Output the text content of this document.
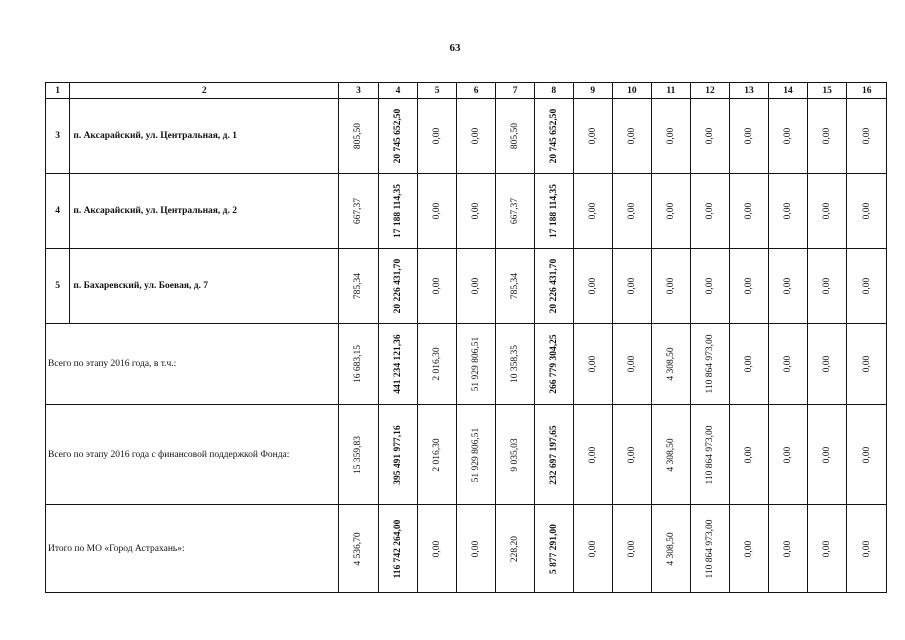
63
1	2	3	4	5	6	7	8	9	10	11	12	13	14	15	16
3	п. Аксарайский, ул. Центральная, д. 1	805,50	20 745 652,50	0,00	0,00	805,50	20 745 652,50	0,00	0,00	0,00	0,00	0,00	0,00	0,00	0,00

4	п. Аксарайский, ул. Центральная, д. 2	667,37	17 188 114,35	0,00	0,00	667,37	17 188 114,35	0,00	0,00	0,00	0,00	0,00	0,00	0,00	0,00

5	п. Бахаревский, ул. Боевая, д. 7	785,34	20 226 431,70	0,00	0,00	785,34	20 226 431,70	0,00	0,00	0,00	0,00	0,00	0,00	0,00	0,00

Всего по этапу 2016 года, в т.ч.:		16 683,15	441 234 121,36	2 016,30	51 929 806,51	10 358,35	266 779 304,25	0,00	0,00	4 308,50	110 864 973,00	0,00	0,00	0,00	0,00

Всего по этапу 2016 года с финансовой поддержкой Фонда:		15 359,83	395 491 977,16	2 016,30	51 929 806,51	9 035,03	232 697 197,65	0,00	0,00	4 308,50	110 864 973,00	0,00	0,00	0,00	0,00

Итого по МО «Город Астрахань»:		4 536,70	116 742 264,00	0,00	0,00	228,20	5 877 291,00	0,00	0,00	4 308,50	110 864 973,00	0,00	0,00	0,00	0,00
